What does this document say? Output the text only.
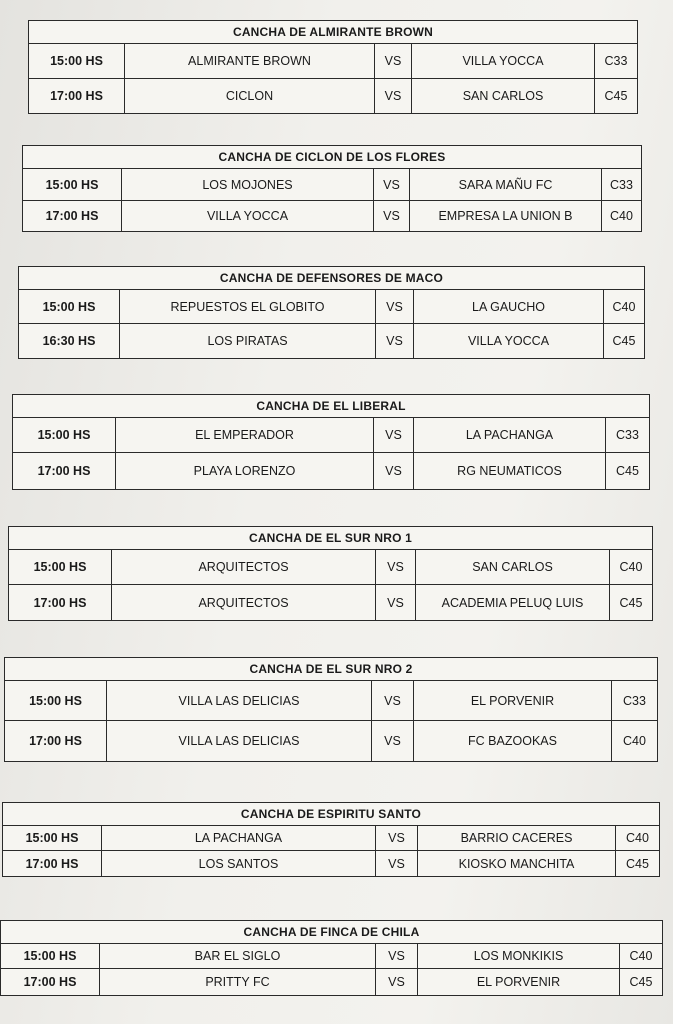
CANCHA DE ALMIRANTE BROWN
15:00 HS	ALMIRANTE BROWN	VS	VILLA YOCCA	C33
17:00 HS	CICLON	VS	SAN CARLOS	C45
CANCHA DE CICLON DE LOS FLORES
15:00 HS	LOS MOJONES	VS	SARA MAÑU FC	C33
17:00 HS	VILLA YOCCA	VS	EMPRESA LA UNION B	C40
CANCHA DE DEFENSORES DE MACO
15:00 HS	REPUESTOS EL GLOBITO	VS	LA GAUCHO	C40
16:30 HS	LOS PIRATAS	VS	VILLA YOCCA	C45
CANCHA DE EL LIBERAL
15:00 HS	EL EMPERADOR	VS	LA PACHANGA	C33
17:00 HS	PLAYA LORENZO	VS	RG NEUMATICOS	C45
CANCHA DE EL SUR NRO 1
15:00 HS	ARQUITECTOS	VS	SAN CARLOS	C40
17:00 HS	ARQUITECTOS	VS	ACADEMIA PELUQ LUIS	C45
CANCHA DE EL SUR NRO 2
15:00 HS	VILLA LAS DELICIAS	VS	EL PORVENIR	C33
17:00 HS	VILLA LAS DELICIAS	VS	FC BAZOOKAS	C40
CANCHA DE ESPIRITU SANTO
15:00 HS	LA PACHANGA	VS	BARRIO CACERES	C40
17:00 HS	LOS SANTOS	VS	KIOSKO MANCHITA	C45
CANCHA DE FINCA DE CHILA
15:00 HS	BAR EL SIGLO	VS	LOS MONKIKIS	C40
17:00 HS	PRITTY FC	VS	EL PORVENIR	C45
